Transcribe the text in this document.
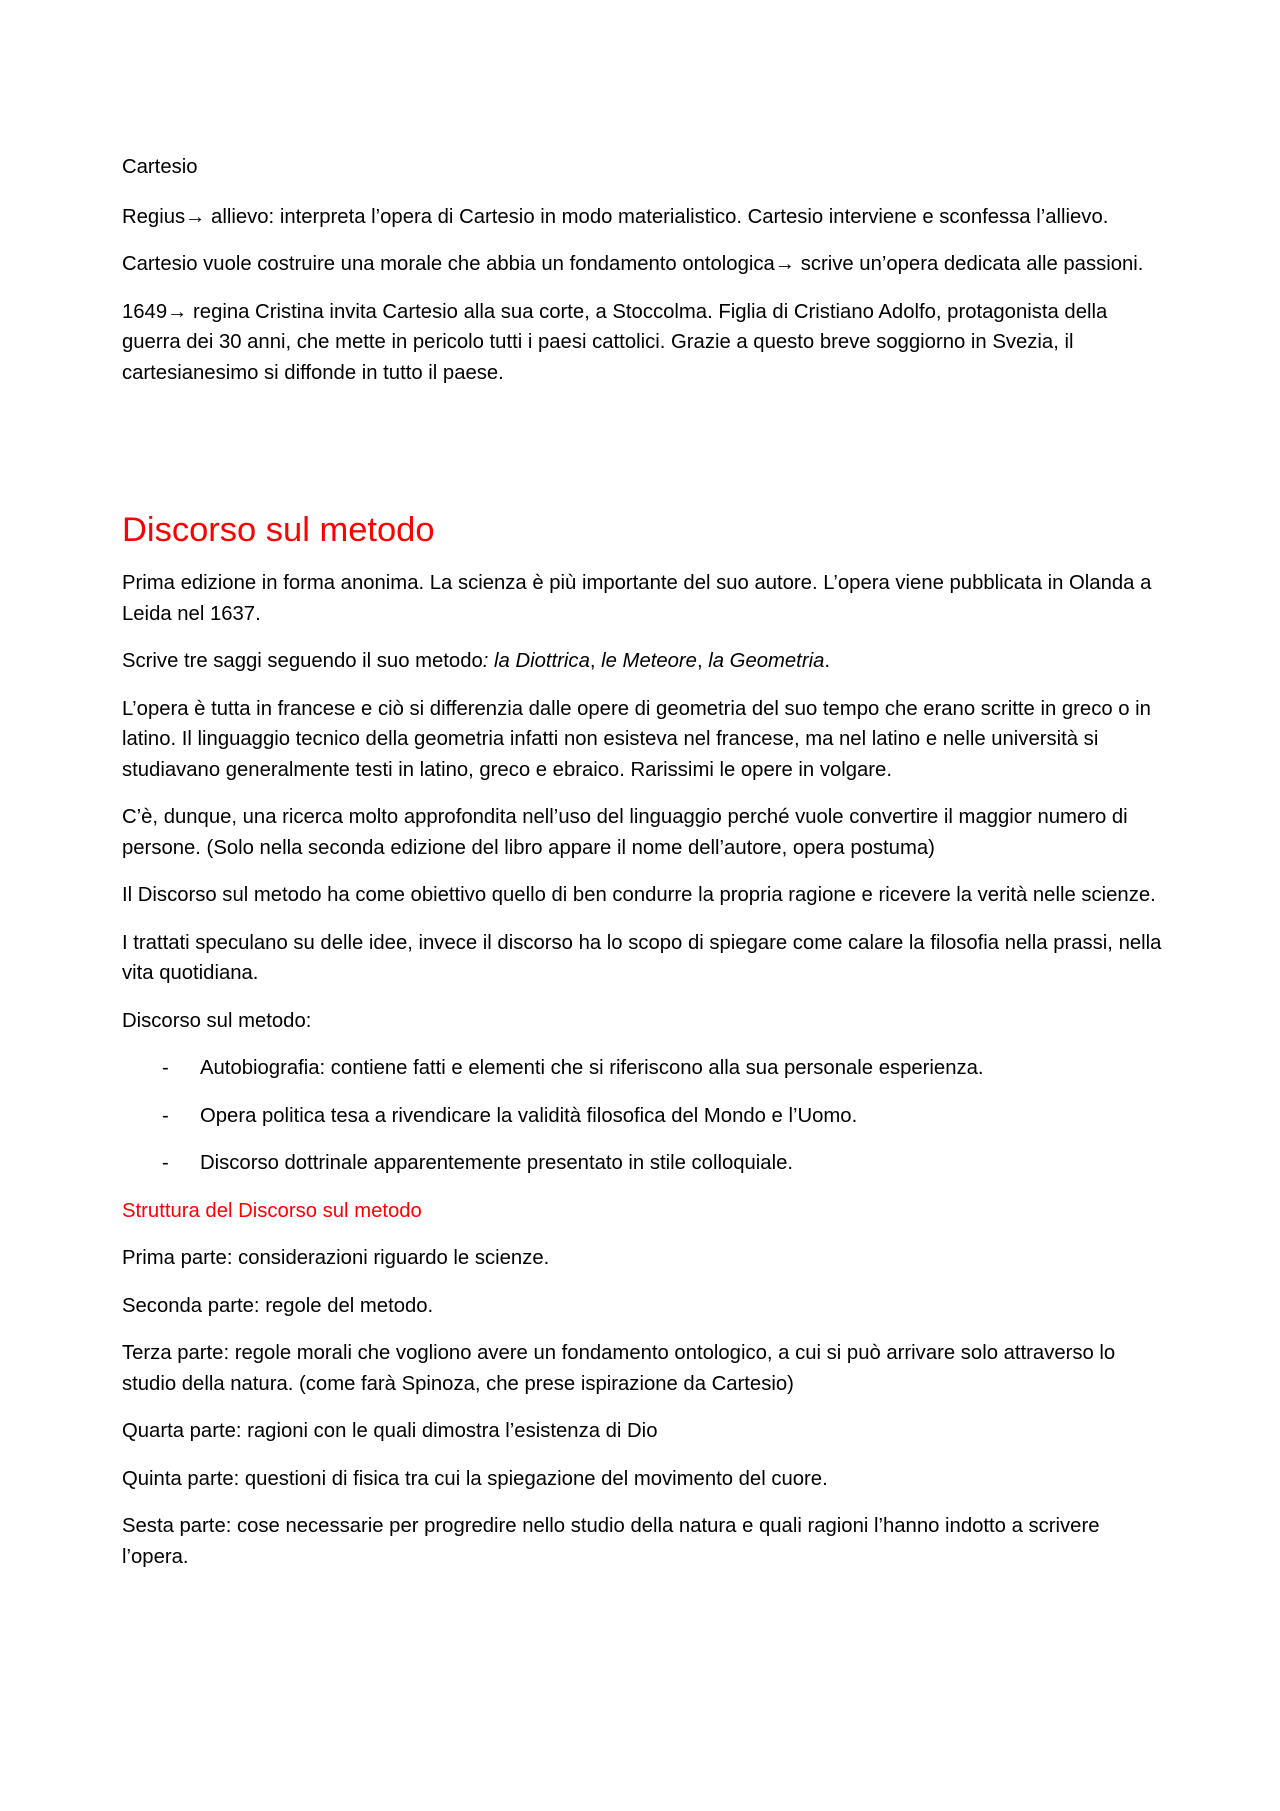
Cartesio

Regius→ allievo: interpreta l’opera di Cartesio in modo materialistico. Cartesio interviene e sconfessa l’allievo.

Cartesio vuole costruire una morale che abbia un fondamento ontologica→ scrive un’opera dedicata alle passioni.

1649→ regina Cristina invita Cartesio alla sua corte, a Stoccolma. Figlia di Cristiano Adolfo, protagonista della guerra dei 30 anni, che mette in pericolo tutti i paesi cattolici. Grazie a questo breve soggiorno in Svezia, il cartesianesimo si diffonde in tutto il paese.

Discorso sul metodo

Prima edizione in forma anonima. La scienza è più importante del suo autore. L’opera viene pubblicata in Olanda a Leida nel 1637.

Scrive tre saggi seguendo il suo metodo: la Diottrica, le Meteore, la Geometria.

L’opera è tutta in francese e ciò si differenzia dalle opere di geometria del suo tempo che erano scritte in greco o in latino. Il linguaggio tecnico della geometria infatti non esisteva nel francese, ma nel latino e nelle università si studiavano generalmente testi in latino, greco e ebraico. Rarissimi le opere in volgare.

C’è, dunque, una ricerca molto approfondita nell’uso del linguaggio perché vuole convertire il maggior numero di persone. (Solo nella seconda edizione del libro appare il nome dell’autore, opera postuma)

Il Discorso sul metodo ha come obiettivo quello di ben condurre la propria ragione e ricevere la verità nelle scienze.

I trattati speculano su delle idee, invece il discorso ha lo scopo di spiegare come calare la filosofia nella prassi, nella vita quotidiana.

Discorso sul metodo:

- Autobiografia: contiene fatti e elementi che si riferiscono alla sua personale esperienza.
- Opera politica tesa a rivendicare la validità filosofica del Mondo e l’Uomo.
- Discorso dottrinale apparentemente presentato in stile colloquiale.
Struttura del Discorso sul metodo

Prima parte: considerazioni riguardo le scienze.

Seconda parte: regole del metodo.

Terza parte: regole morali che vogliono avere un fondamento ontologico, a cui si può arrivare solo attraverso lo studio della natura. (come farà Spinoza, che prese ispirazione da Cartesio)

Quarta parte: ragioni con le quali dimostra l’esistenza di Dio

Quinta parte: questioni di fisica tra cui la spiegazione del movimento del cuore.

Sesta parte: cose necessarie per progredire nello studio della natura e quali ragioni l’hanno indotto a scrivere l’opera.
